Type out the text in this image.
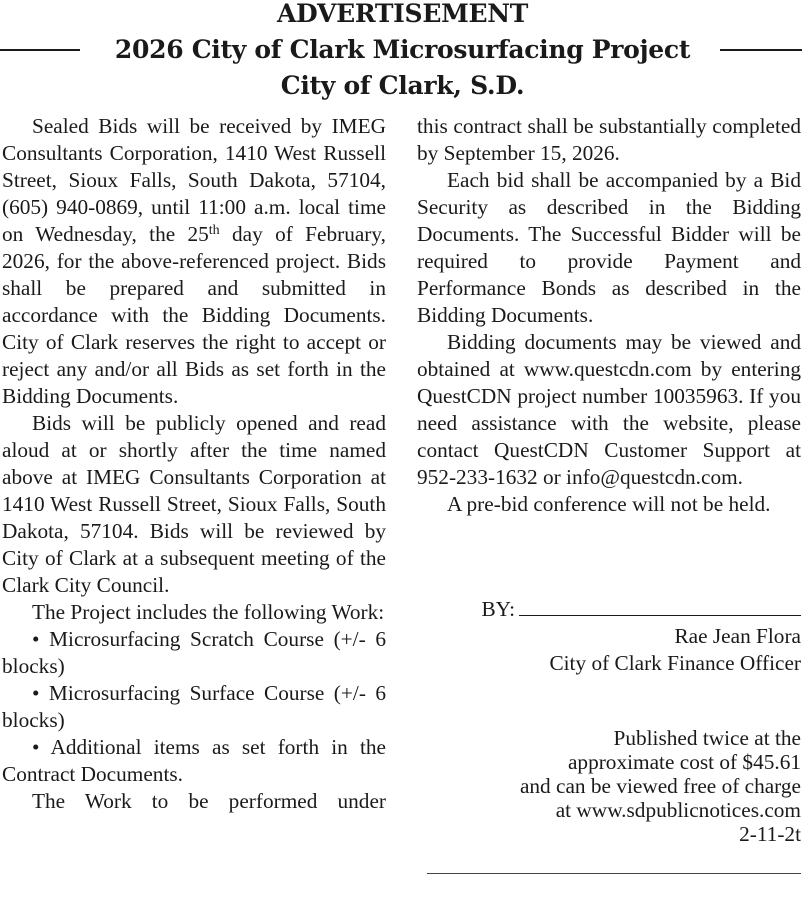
ADVERTISEMENT
2026 City of Clark Microsurfacing Project
City of Clark, S.D.

Sealed Bids will be received by IMEG Consultants Corporation, 1410 West Russell Street, Sioux Falls, South Dakota, 57104, (605) 940-0869, until 11:00 a.m. local time on Wednesday, the 25th day of February, 2026, for the above-referenced project. Bids shall be prepared and submitted in accordance with the Bidding Documents. City of Clark reserves the right to accept or reject any and/or all Bids as set forth in the Bidding Documents.

Bids will be publicly opened and read aloud at or shortly after the time named above at IMEG Consultants Corporation at 1410 West Russell Street, Sioux Falls, South Dakota, 57104. Bids will be reviewed by City of Clark at a subsequent meeting of the Clark City Council.

The Project includes the following Work:

• Microsurfacing Scratch Course (+/- 6 blocks)

• Microsurfacing Surface Course (+/- 6 blocks)

• Additional items as set forth in the Contract Documents.

The Work to be performed under

this contract shall be substantially completed by September 15, 2026.

Each bid shall be accompanied by a Bid Security as described in the Bidding Documents. The Successful Bidder will be required to provide Payment and Performance Bonds as described in the Bidding Documents.

Bidding documents may be viewed and obtained at www.questcdn.com by entering QuestCDN project number 10035963. If you need assistance with the website, please contact QuestCDN Customer Support at 952-233-1632 or info@questcdn.com.

A pre-bid conference will not be held.

BY:
Rae Jean Flora
City of Clark Finance Officer
Published twice at the
approximate cost of $45.61
and can be viewed free of charge
at www.sdpublicnotices.com
2-11-2t
